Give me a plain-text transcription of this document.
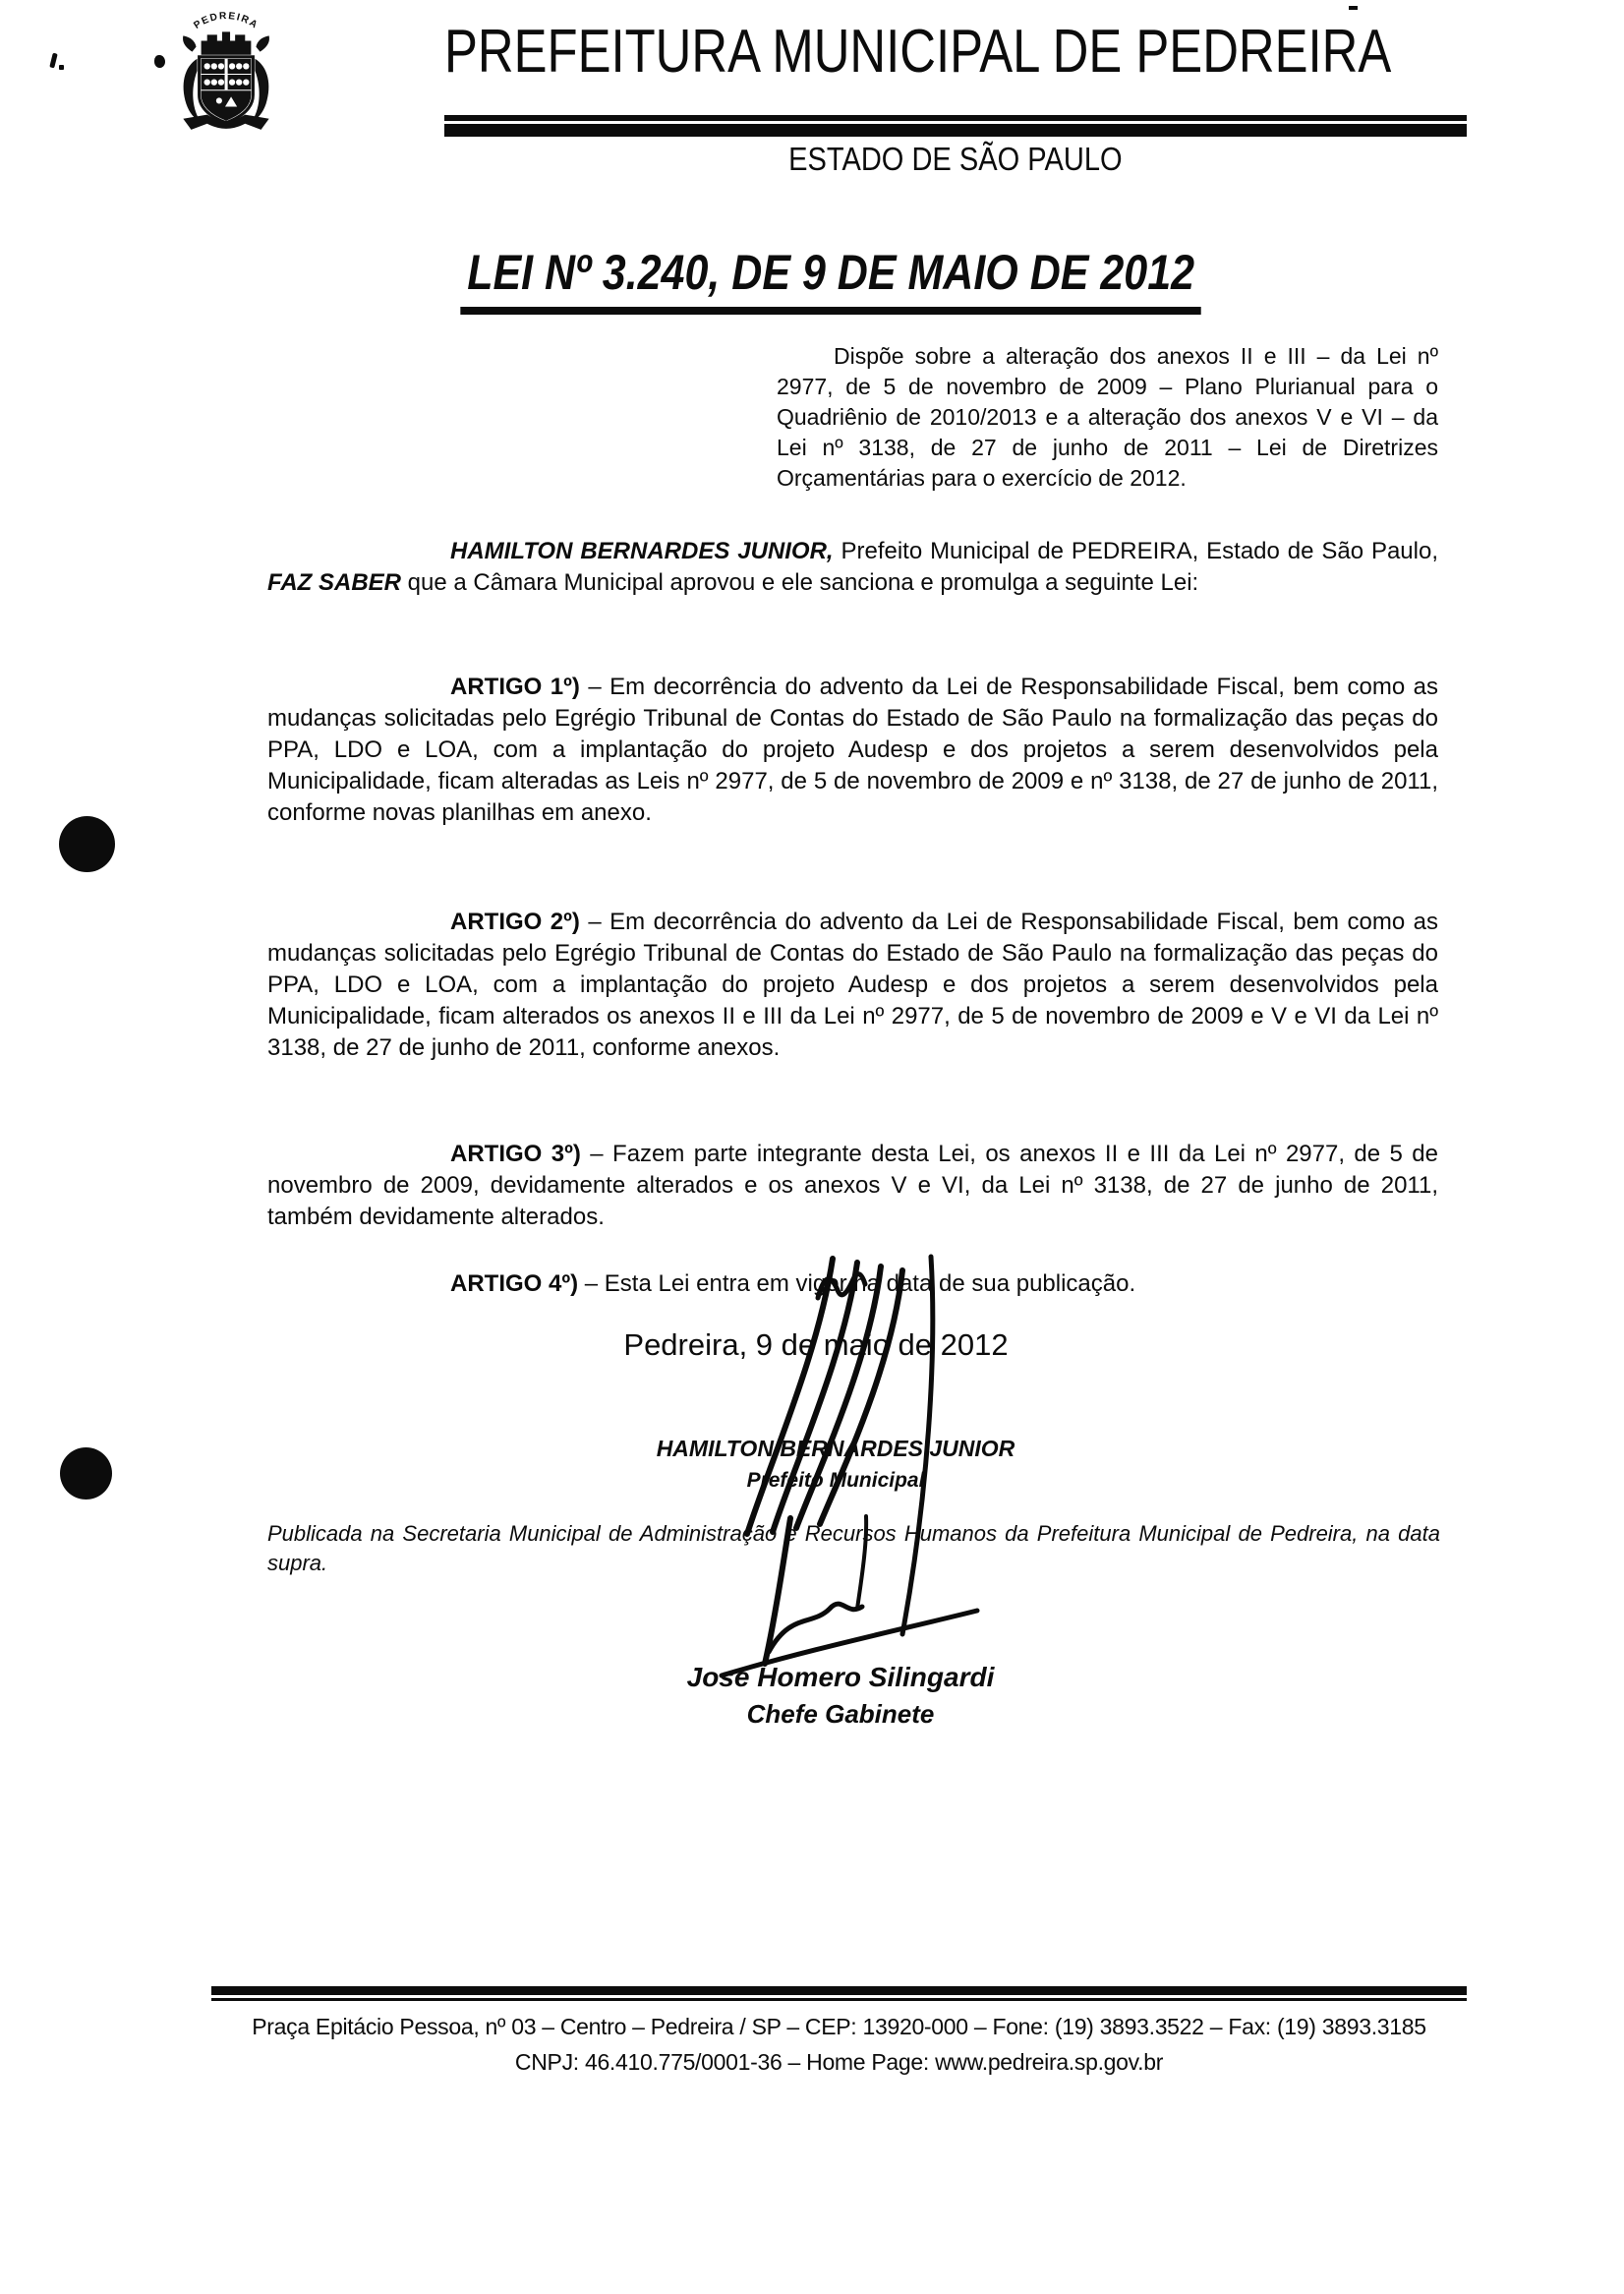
PEDREIRA	PREFEITURA MUNICIPAL DE PEDREIRA
ESTADO DE SÃO PAULO
LEI Nº 3.240, DE 9 DE MAIO DE 2012

Dispõe sobre a alteração dos anexos II e III – da Lei nº 2977, de 5 de novembro de 2009 – Plano Plurianual para o Quadriênio de 2010/2013 e a alteração dos anexos V e VI – da Lei nº 3138, de 27 de junho de 2011 – Lei de Diretrizes Orçamentárias para o exercício de 2012.

HAMILTON BERNARDES JUNIOR, Prefeito Municipal de PEDREIRA, Estado de São Paulo, FAZ SABER que a Câmara Municipal aprovou e ele sanciona e promulga a seguinte Lei:

ARTIGO 1º) – Em decorrência do advento da Lei de Responsabilidade Fiscal, bem como as mudanças solicitadas pelo Egrégio Tribunal de Contas do Estado de São Paulo na formalização das peças do PPA, LDO e LOA, com a implantação do projeto Audesp e dos projetos a serem desenvolvidos pela Municipalidade, ficam alteradas as Leis nº 2977, de 5 de novembro de 2009 e nº 3138, de 27 de junho de 2011, conforme novas planilhas em anexo.

ARTIGO 2º) – Em decorrência do advento da Lei de Responsabilidade Fiscal, bem como as mudanças solicitadas pelo Egrégio Tribunal de Contas do Estado de São Paulo na formalização das peças do PPA, LDO e LOA, com a implantação do projeto Audesp e dos projetos a serem desenvolvidos pela Municipalidade, ficam alterados os anexos II e III da Lei nº 2977, de 5 de novembro de 2009 e V e VI da Lei nº 3138, de 27 de junho de 2011, conforme anexos.

ARTIGO 3º) – Fazem parte integrante desta Lei, os anexos II e III da Lei nº 2977, de 5 de novembro de 2009, devidamente alterados e os anexos V e VI, da Lei nº 3138, de 27 de junho de 2011, também devidamente alterados.

ARTIGO 4º) – Esta Lei entra em vigor na data de sua publicação.

Pedreira, 9 de maio de 2012
HAMILTON BERNARDES JUNIOR
Prefeito Municipal

Publicada na Secretaria Municipal de Administração e Recursos Humanos da Prefeitura Municipal de Pedreira, na data supra.

José Homero Silingardi
Chefe Gabinete
Praça Epitácio Pessoa, nº 03 – Centro – Pedreira / SP – CEP: 13920-000 – Fone: (19) 3893.3522 – Fax: (19) 3893.3185
CNPJ: 46.410.775/0001-36 – Home Page: www.pedreira.sp.gov.br
